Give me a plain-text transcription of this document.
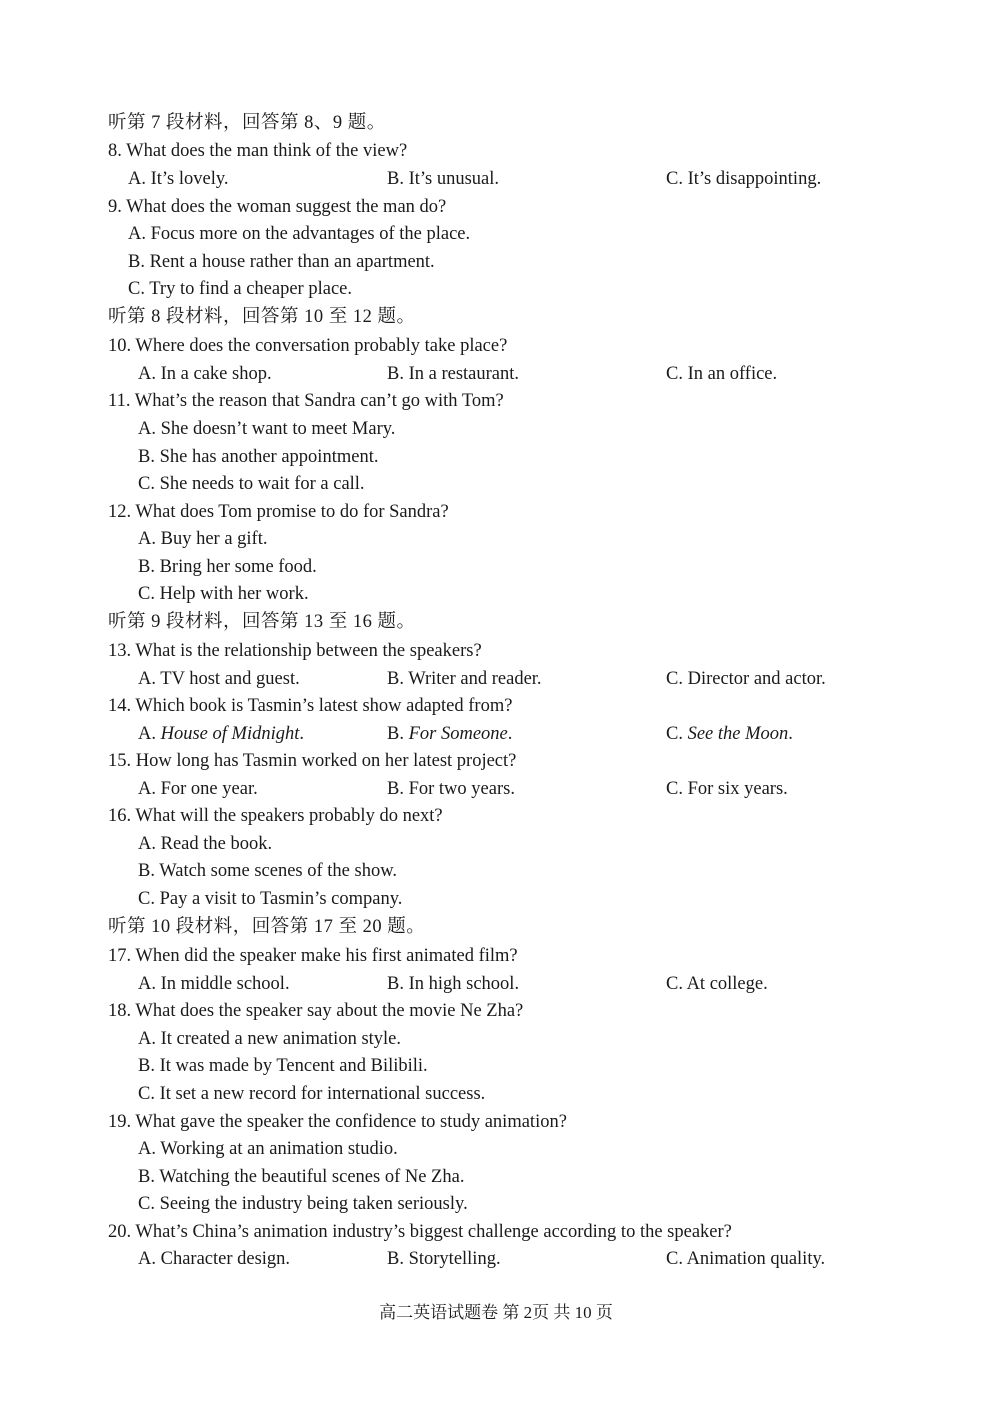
听第 7 段材料，回答第 8、9 题。
8. What does the man think of the view?
A. It’s lovely.	B. It’s unusual.	C. It’s disappointing.
9. What does the woman suggest the man do?
A. Focus more on the advantages of the place.
B. Rent a house rather than an apartment.
C. Try to find a cheaper place.
听第 8 段材料，回答第 10 至 12 题。
10. Where does the conversation probably take place?
A. In a cake shop.	B. In a restaurant.	C. In an office.
11. What’s the reason that Sandra can’t go with Tom?
A. She doesn’t want to meet Mary.
B. She has another appointment.
C. She needs to wait for a call.
12. What does Tom promise to do for Sandra?
A. Buy her a gift.
B. Bring her some food.
C. Help with her work.
听第 9 段材料，回答第 13 至 16 题。
13. What is the relationship between the speakers?
A. TV host and guest.	B. Writer and reader.	C. Director and actor.
14. Which book is Tasmin’s latest show adapted from?
A. House of Midnight.	B. For Someone.	C. See the Moon.
15. How long has Tasmin worked on her latest project?
A. For one year.	B. For two years.	C. For six years.
16. What will the speakers probably do next?
A. Read the book.
B. Watch some scenes of the show.
C. Pay a visit to Tasmin’s company.
听第 10 段材料，回答第 17 至 20 题。
17. When did the speaker make his first animated film?
A. In middle school.	B. In high school.	C. At college.
18. What does the speaker say about the movie Ne Zha?
A. It created a new animation style.
B. It was made by Tencent and Bilibili.
C. It set a new record for international success.
19. What gave the speaker the confidence to study animation?
A. Working at an animation studio.
B. Watching the beautiful scenes of Ne Zha.
C. Seeing the industry being taken seriously.
20. What’s China’s animation industry’s biggest challenge according to the speaker?
A. Character design.	B. Storytelling.	C. Animation quality.
高二英语试题卷 第 2页 共 10 页
